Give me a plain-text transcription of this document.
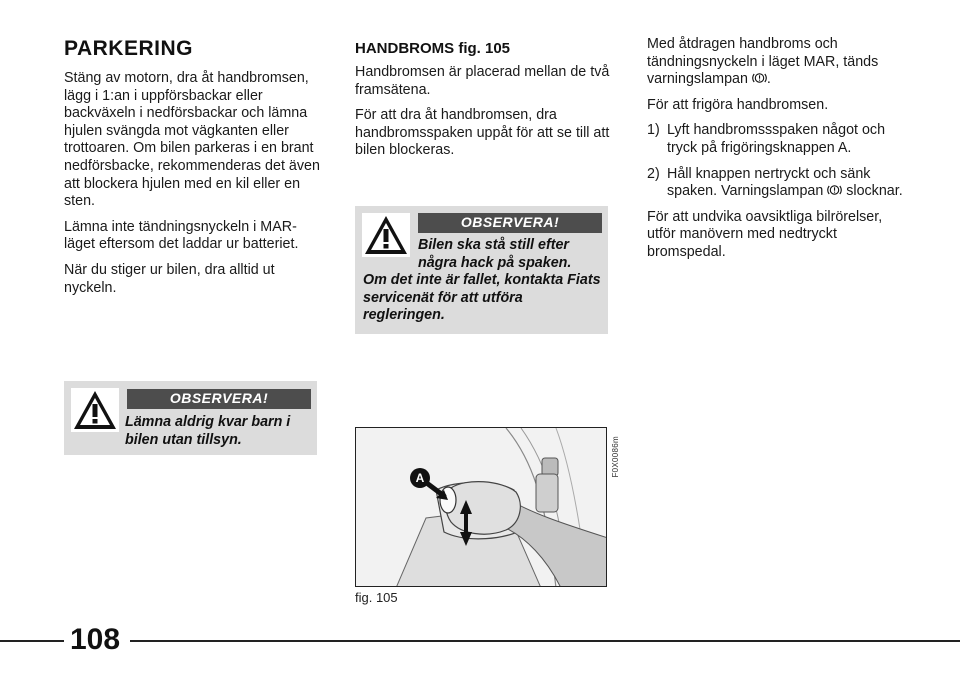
PARKERING

Stäng av motorn, dra åt handbromsen, lägg i 1:an i uppförsbackar eller backväxeln i nedförsbackar och lämna hjulen svängda mot vägkanten eller trottoaren. Om bilen parkeras i en brant nedförsbacke, rekommenderas det även att blockera hjulen med en kil eller en sten.

Lämna inte tändningsnyckeln i MAR-läget eftersom det laddar ur batteriet.

När du stiger ur bilen, dra alltid ut nyckeln.

OBSERVERA!
Lämna aldrig kvar barn i bilen utan tillsyn.
HANDBROMS fig. 105

Handbromsen är placerad mellan de två framsätena.

För att dra åt handbromsen, dra handbromsspaken uppåt för att se till att bilen blockeras.

OBSERVERA!
Bilen ska stå still efter några hack på spaken.
Om det inte är fallet, kontakta Fiats servicenät för att utföra regleringen.
A
F0X0086m
fig. 105

Med åtdragen handbroms och tändningsnyckeln i läget MAR, tänds varningslampan .

För att frigöra handbromsen.

1) Lyft handbromssspaken något och tryck på frigöringsknappen A.
2) Håll knappen nertryckt och sänk spaken. Varningslampan  slocknar.

För att undvika oavsiktliga bilrörelser, utför manövern med nedtryckt bromspedal.

108
